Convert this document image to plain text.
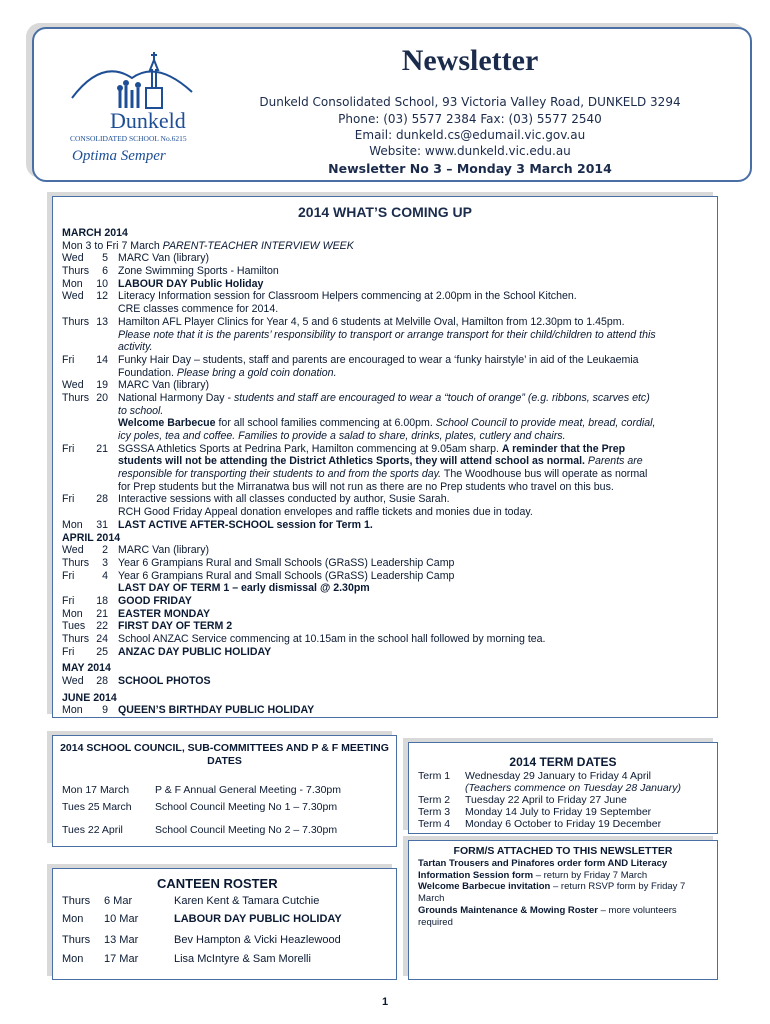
Dunkeld
CONSOLIDATED SCHOOL No.6215
Optima Semper
Newsletter
Dunkeld Consolidated School, 93 Victoria Valley Road, DUNKELD 3294
Phone: (03) 5577 2384 Fax: (03) 5577 2540
Email: dunkeld.cs@edumail.vic.gov.au
Website: www.dunkeld.vic.edu.au
Newsletter No 3 – Monday 3 March 2014
2014 WHAT’S COMING UP
MARCH 2014
Mon 3 to Fri 7 March PARENT-TEACHER INTERVIEW WEEK
Wed	5 MARC Van (library)
Thurs	6 Zone Swimming Sports - Hamilton
Mon	10 LABOUR DAY Public Holiday
Wed	12 Literacy Information session for Classroom Helpers commencing at 2.00pm in the School Kitchen.
CRE classes commence for 2014.
Thurs 13 Hamilton AFL Player Clinics for Year 4, 5 and 6 students at Melville Oval, Hamilton from 12.30pm to 1.45pm.
Please note that it is the parents’ responsibility to transport or arrange transport for their child/children to attend this
activity.
Fri	14 Funky Hair Day – students, staff and parents are encouraged to wear a ‘funky hairstyle’ in aid of the Leukaemia
Foundation. Please bring a gold coin donation.
Wed	19 MARC Van (library)
Thurs 20 National Harmony Day - students and staff are encouraged to wear a “touch of orange” (e.g. ribbons, scarves etc)
to school.
Welcome Barbecue for all school families commencing at 6.00pm. School Council to provide meat, bread, cordial,
icy poles, tea and coffee. Families to provide a salad to share, drinks, plates, cutlery and chairs.
Fri	21 SGSSA Athletics Sports at Pedrina Park, Hamilton commencing at 9.05am sharp. A reminder that the Prep
students will not be attending the District Athletics Sports, they will attend school as normal. Parents are
responsible for transporting their students to and from the sports day. The Woodhouse bus will operate as normal
for Prep students but the Mirranatwa bus will not run as there are no Prep students who travel on this bus.
Fri	28 Interactive sessions with all classes conducted by author, Susie Sarah.
RCH Good Friday Appeal donation envelopes and raffle tickets and monies due in today.
Mon	31 LAST ACTIVE AFTER-SCHOOL session for Term 1.
APRIL 2014
Wed	2 MARC Van (library)
Thurs	3 Year 6 Grampians Rural and Small Schools (GRaSS) Leadership Camp
Fri	4 Year 6 Grampians Rural and Small Schools (GRaSS) Leadership Camp
LAST DAY OF TERM 1 – early dismissal @ 2.30pm
Fri	18 GOOD FRIDAY
Mon	21 EASTER MONDAY
Tues	22 FIRST DAY OF TERM 2
Thurs 24 School ANZAC Service commencing at 10.15am in the school hall followed by morning tea.
Fri	25 ANZAC DAY PUBLIC HOLIDAY
MAY 2014
Wed	28 SCHOOL PHOTOS
JUNE 2014
Mon	9 QUEEN’S BIRTHDAY PUBLIC HOLIDAY
2014 SCHOOL COUNCIL, SUB-COMMITTEES AND P & F MEETING DATES
Mon 17 March P & F Annual General Meeting - 7.30pm
Tues 25 March School Council Meeting No 1 – 7.30pm
Tues 22 April	School Council Meeting No 2 – 7.30pm
2014 TERM DATES
Term 1 Wednesday 29 January to Friday 4 April
(Teachers commence on Tuesday 28 January)
Term 2 Tuesday 22 April to Friday 27 June
Term 3 Monday 14 July to Friday 19 September
Term 4 Monday 6 October to Friday 19 December
CANTEEN ROSTER
Thurs 6 Mar	Karen Kent & Tamara Cutchie
Mon 10 Mar	LABOUR DAY PUBLIC HOLIDAY
Thurs 13 Mar	Bev Hampton & Vicki Heazlewood
Mon 17 Mar	Lisa McIntyre & Sam Morelli
FORM/S ATTACHED TO THIS NEWSLETTER
Tartan Trousers and Pinafores order form AND Literacy Information Session form – return by Friday 7 March
Welcome Barbecue invitation – return RSVP form by Friday 7 March
Grounds Maintenance & Mowing Roster – more volunteers required
1
